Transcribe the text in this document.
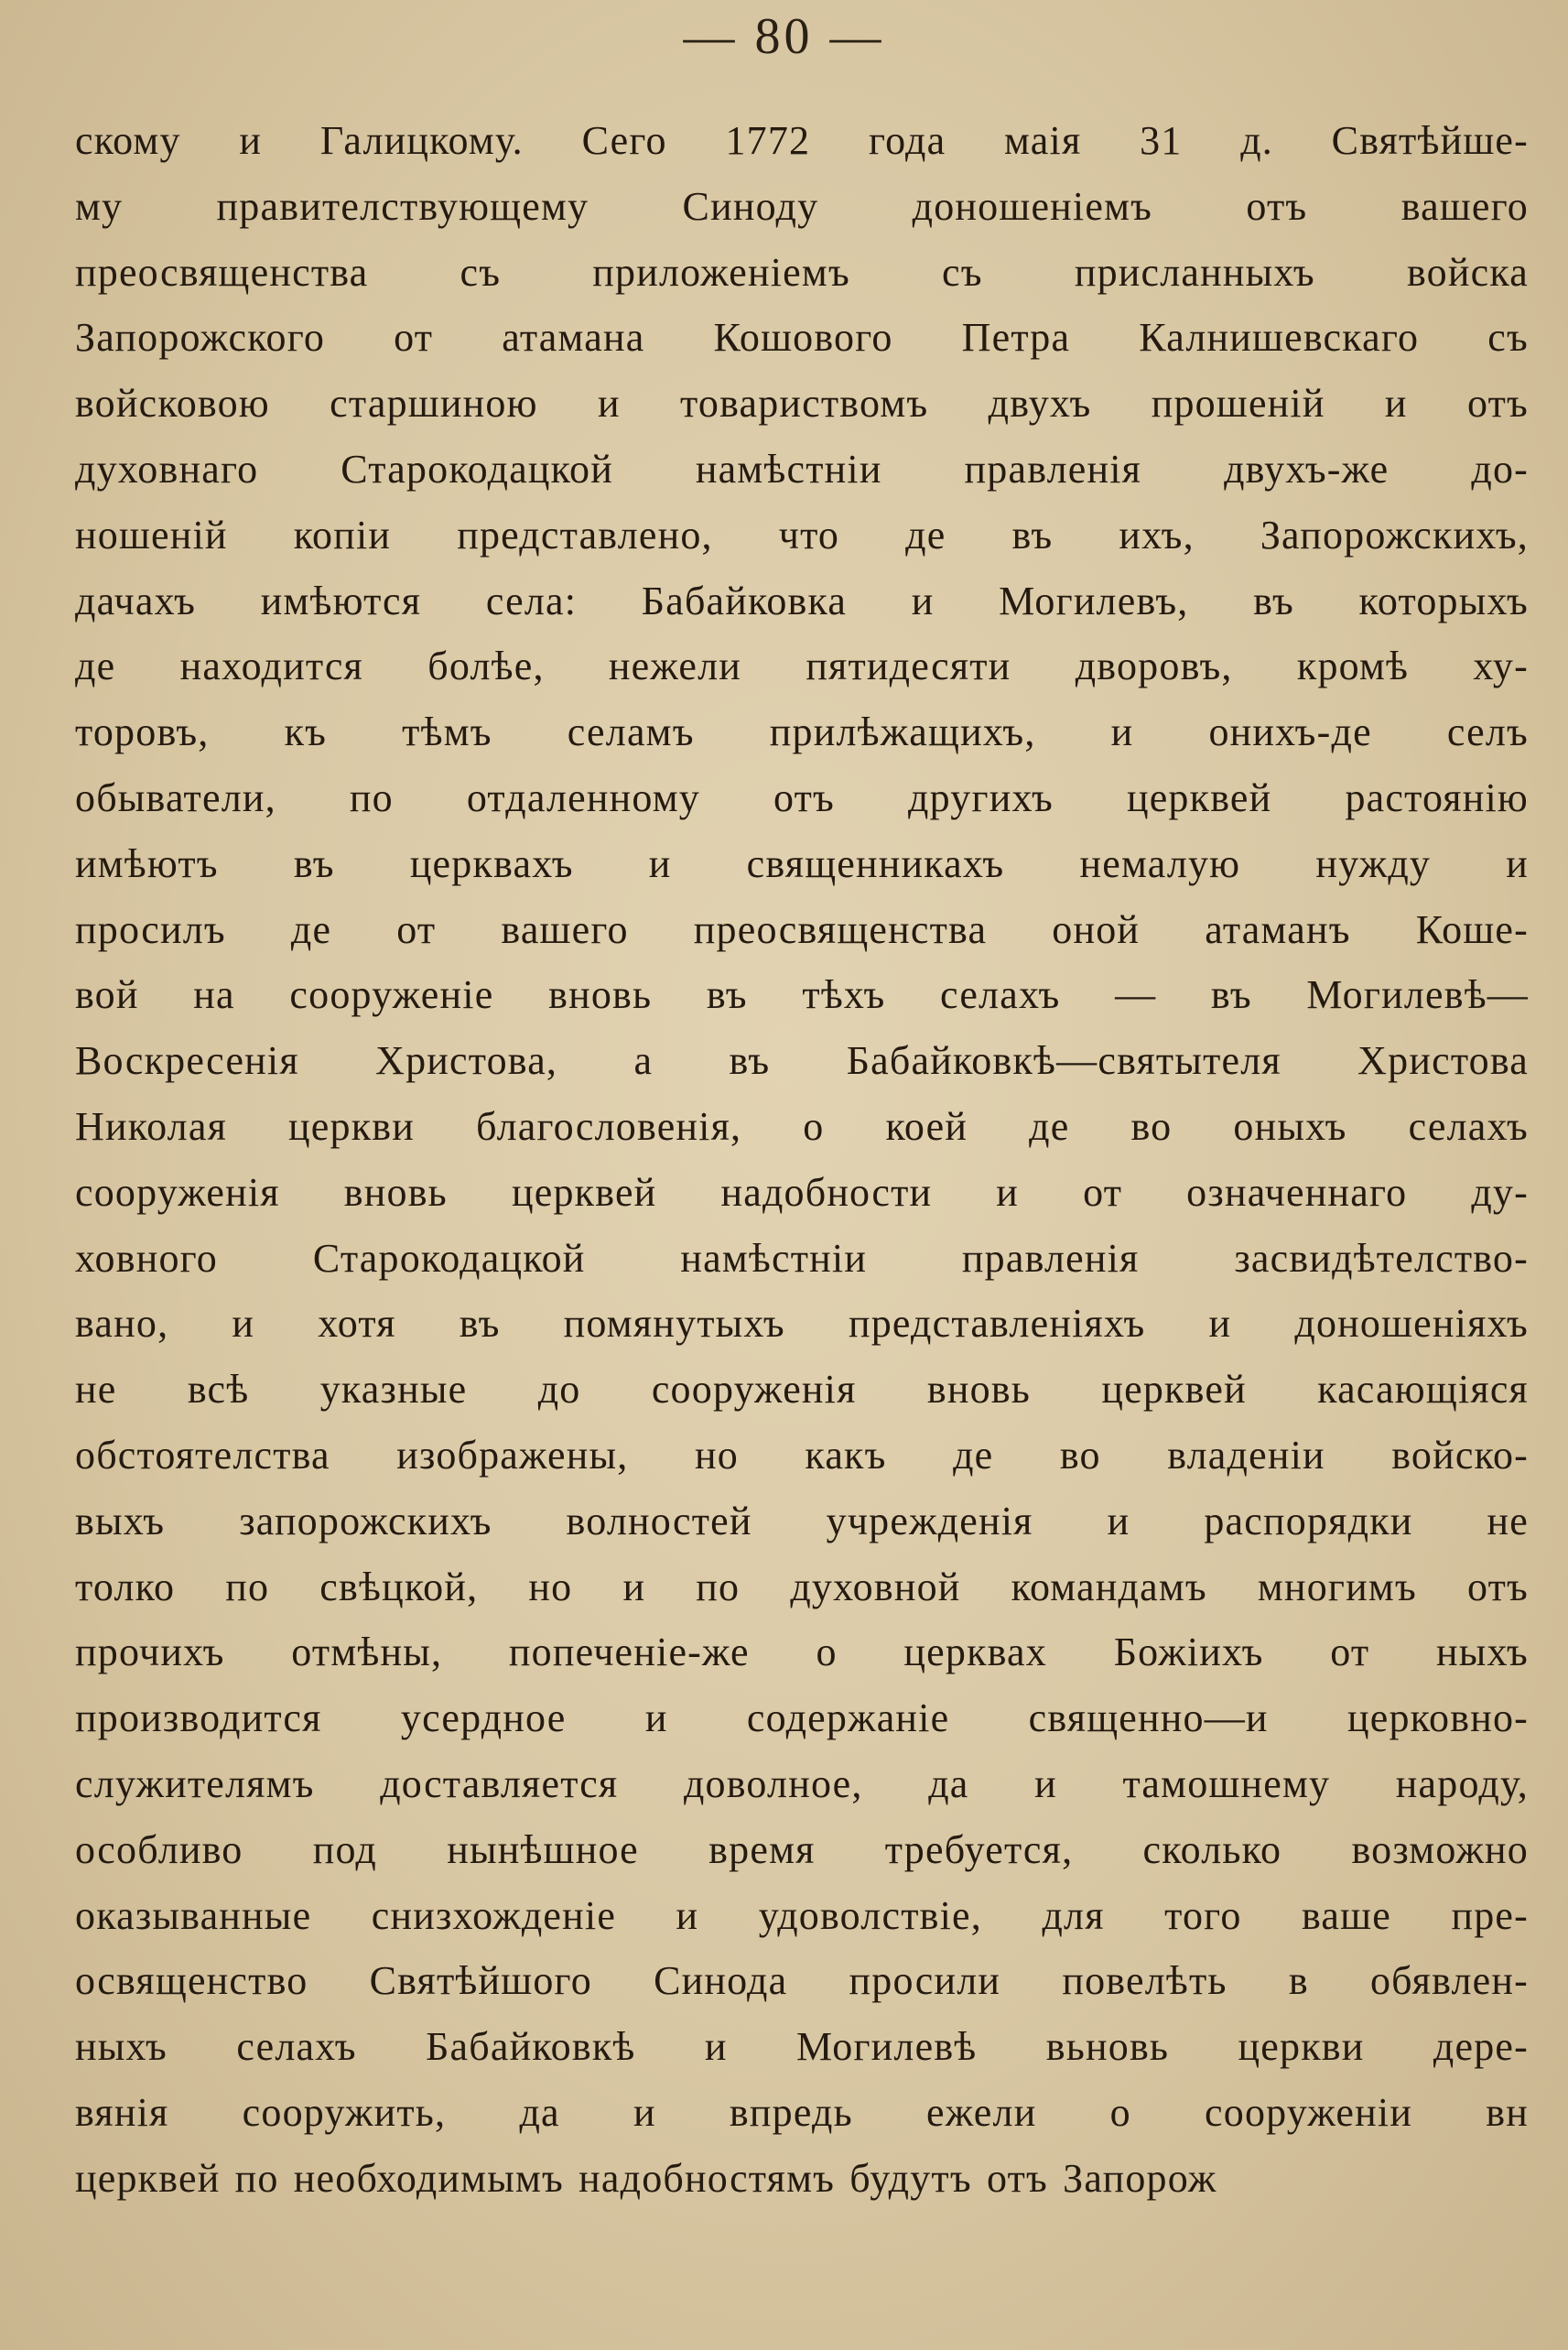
— 80 —
скому и Галицкому. Сего 1772 года маія 31 д. Святѣйше-
му правителствующему Синоду доношеніемъ отъ вашего
преосвященства съ приложеніемъ съ присланныхъ войска
Запорожского от атамана Кошового Петра Калнишевскаго съ
войсковою старшиною и товариствомъ двухъ прошеній и отъ
духовнаго Старокодацкой намѣстніи правленія двухъ-же до-
ношеній копіи представлено, что де въ ихъ, Запорожскихъ,
дачахъ имѣются села: Бабайковка и Могилевъ, въ которыхъ
де находится болѣе, нежели пятидесяти дворовъ, кромѣ ху-
торовъ, къ тѣмъ селамъ прилѣжащихъ, и онихъ-де селъ
обыватели, по отдаленному отъ другихъ церквей растоянію
имѣютъ въ церквахъ и священникахъ немалую нужду и
просилъ де от вашего преосвященства оной атаманъ Коше-
вой на сооруженіе вновь въ тѣхъ селахъ — въ Могилевѣ—
Воскресенія Христова, а въ Бабайковкѣ—святытеля Христова
Николая церкви благословенія, о коей де во оныхъ селахъ
сооруженія вновь церквей надобности и от означеннаго ду-
ховного Старокодацкой намѣстніи правленія засвидѣтелство-
вано, и хотя въ помянутыхъ представленіяхъ и доношеніяхъ
не всѣ указные до сооруженія вновь церквей касающіяся
обстоятелства изображены, но какъ де во владеніи войско-
выхъ запорожскихъ волностей учрежденія и распорядки не
толко по свѣцкой, но и по духовной командамъ многимъ отъ
прочихъ отмѣны, попеченіе-же о церквах Божіихъ от ныхъ
производится усердное и содержаніе священно—и церковно-
служителямъ доставляется доволное, да и тамошнему народу,
особливо под нынѣшное время требуется, сколько возможно
оказыванные снизхожденіе и удоволствіе, для того ваше пре-
освященство Святѣйшого Синода просили повелѣть в обявлен-
ныхъ селахъ Бабайковкѣ и Могилевѣ вьновь церкви дере-
вянія сооружить, да и впредь ежели о сооруженіи вн
церквей по необходимымъ надобностямъ будутъ отъ Запорож
